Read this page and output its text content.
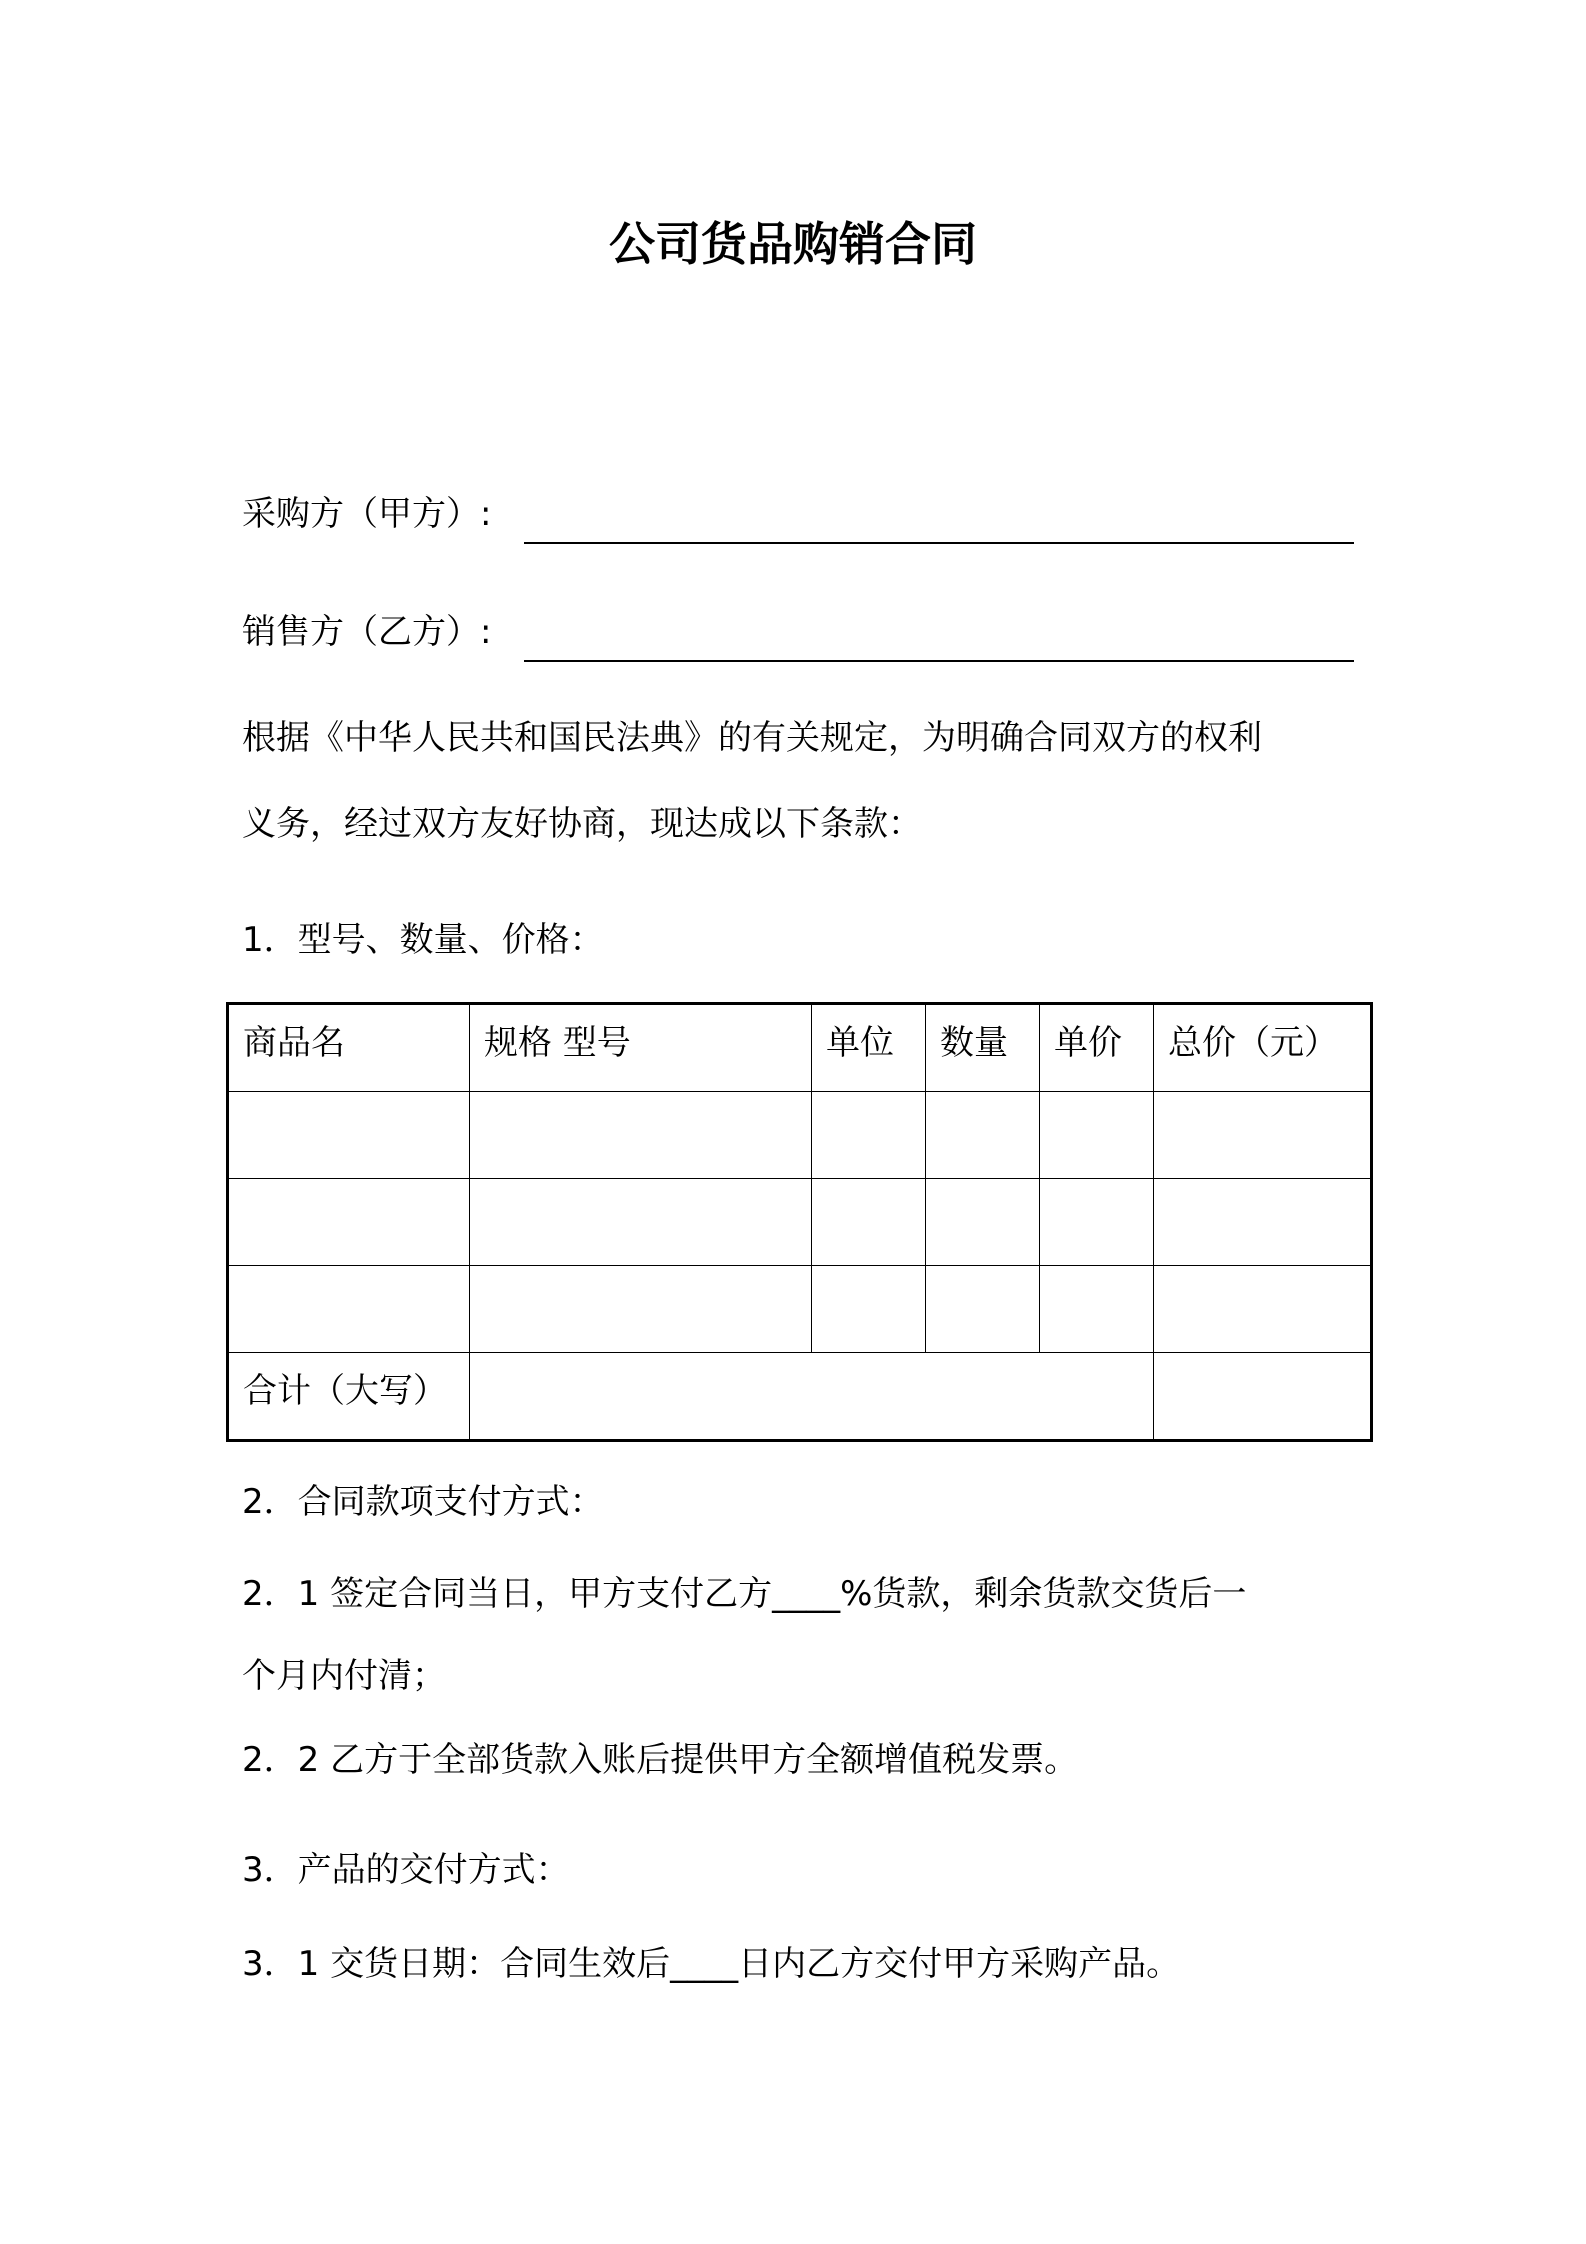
公司货品购销合同
采购方（甲方）:
销售方（乙方）:
根据《中华人民共和国民法典》的有关规定，为明确合同双方的权利
义务，经过双方友好协商，现达成以下条款：
1．型号、数量、价格：
商品名	规格 型号	单位	数量	单价	总价（元）

合计（大写）					
2．合同款项支付方式：
2．1 签定合同当日，甲方支付乙方____%货款，剩余货款交货后一
个月内付清；
2．2 乙方于全部货款入账后提供甲方全额增值税发票。
3．产品的交付方式：
3．1 交货日期：合同生效后____日内乙方交付甲方采购产品。
